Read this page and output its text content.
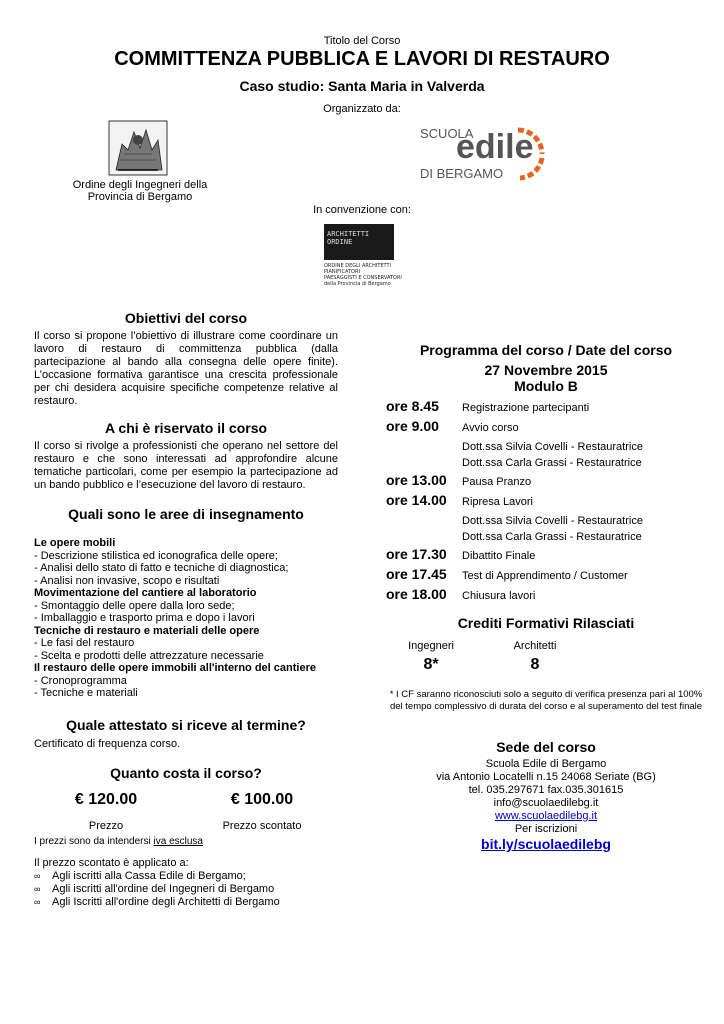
Titolo del Corso
COMMITTENZA PUBBLICA E LAVORI DI RESTAURO
Caso studio: Santa Maria in Valverda
Organizzato da:
Ordine degli Ingegneri della
Provincia di Bergamo
SCUOLA
edile
DI BERGAMO
In convenzione con:
ARCHITETTI ORDINE
ORDINE DEGLI ARCHITETTI
PIANIFICATORI
PAESAGGISTI E CONSERVATORI
della Provincia di Bergamo
Obiettivi del corso
Il corso si propone l’obiettivo di illustrare come coordinare un lavoro di restauro di committenza pubblica (dalla partecipazione al bando alla consegna delle opere finite). L’occasione formativa garantisce una crescita professionale per chi desidera acquisire specifiche competenze relative al restauro.
A chi è riservato il corso
Il corso si rivolge a professionisti che operano nel settore del restauro e che sono interessati ad approfondire alcune tematiche particolari, come per esempio la partecipazione ad un bando pubblico e l’esecuzione del lavoro di restauro.
Quali sono le aree di insegnamento
Le opere mobili
- Descrizione stilistica ed iconografica delle opere;
- Analisi dello stato di fatto e tecniche di diagnostica;
- Analisi non invasive, scopo e risultati
Movimentazione del cantiere al laboratorio
- Smontaggio delle opere dalla loro sede;
- Imballaggio e trasporto prima e dopo i lavori
Tecniche di restauro e materiali delle opere
- Le fasi del restauro
- Scelta e prodotti delle attrezzature necessarie
Il restauro delle opere immobili all'interno del cantiere
- Cronoprogramma
- Tecniche e materiali
Quale attestato si riceve al termine?
Certificato di frequenza corso.
Quanto costa il corso?
€ 120.00	€ 100.00
Prezzo	Prezzo scontato
I prezzi sono da intendersi iva esclusa
Il prezzo scontato è applicato a:
∞ Agli iscritti alla Cassa Edile di Bergamo;
∞ Agli iscritti all'ordine del Ingegneri di Bergamo
∞ Agli Iscritti all'ordine degli Architetti di Bergamo
Programma del corso / Date del corso
27 Novembre 2015
Modulo B
ore 8.45 Registrazione partecipanti
ore 9.00 Avvio corso
Dott.ssa Silvia Covelli - Restauratrice
Dott.ssa Carla Grassi - Restauratrice
ore 13.00 Pausa Pranzo
ore 14.00 Ripresa Lavori
Dott.ssa Silvia Covelli - Restauratrice
Dott.ssa Carla Grassi - Restauratrice
ore 17.30 Dibattito Finale
ore 17.45 Test di Apprendimento / Customer
ore 18.00 Chiusura lavori
Crediti Formativi Rilasciati
Ingegneri	Architetti
8*	8
* I CF saranno riconosciuti solo a seguito di verifica presenza pari al 100% del tempo complessivo di durata del corso e al superamento del test finale
Sede del corso
Scuola Edile di Bergamo
via Antonio Locatelli n.15 24068 Seriate (BG)
tel. 035.297671 fax.035.301615
info@scuolaedilebg.it
www.scuolaedilebg.it
Per iscrizioni
bit.ly/scuolaedilebg
